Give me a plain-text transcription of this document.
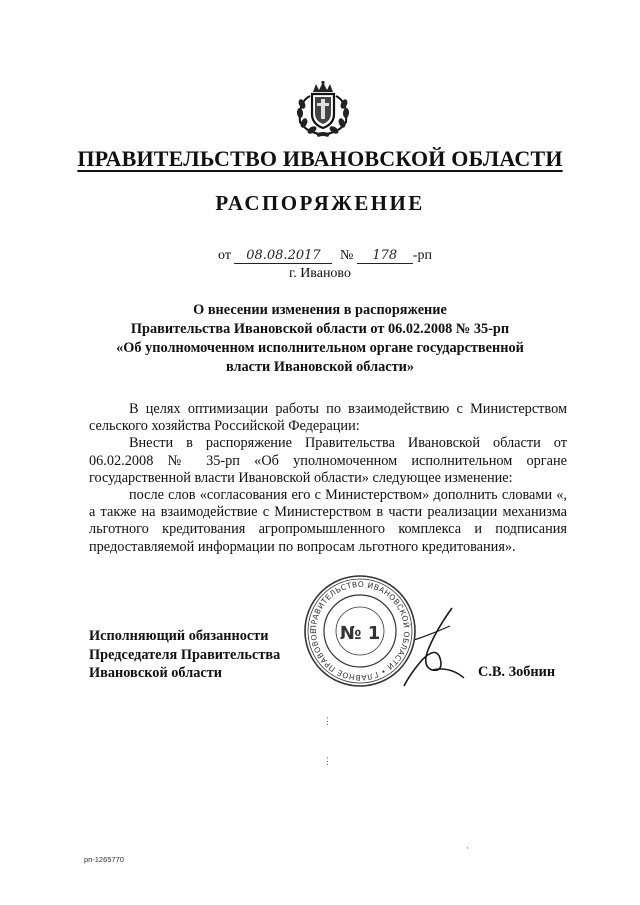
ПРАВИТЕЛЬСТВО ИВАНОВСКОЙ ОБЛАСТИ
РАСПОРЯЖЕНИЕ
от 08.08.2017 № 178 -рп
г. Иваново
О внесении изменения в распоряжение
Правительства Ивановской области от 06.02.2008 № 35-рп
«Об уполномоченном исполнительном органе государственной
власти Ивановской области»

В целях оптимизации работы по взаимодействию с Министерством сельского хозяйства Российской Федерации:

Внести в распоряжение Правительства Ивановской области от 06.02.2008 № 35-рп «Об уполномоченном исполнительном органе государственной власти Ивановской области» следующее изменение:

после слов «согласования его с Министерством» дополнить словами «, а также на взаимодействие с Министерством в части реализации механизма льготного кредитования агропромышленного комплекса и подписания предоставляемой информации по вопросам льготного кредитования».

Исполняющий обязанности
Председателя Правительства
Ивановской области
ПРАВИТЕЛЬСТВО ИВАНОВСКОЙ ОБЛАСТИ • ГЛАВНОЕ ПРАВОВОЕ	№ 1
С.В. Зобнин
⋮
⋮
·
рп-1265770
